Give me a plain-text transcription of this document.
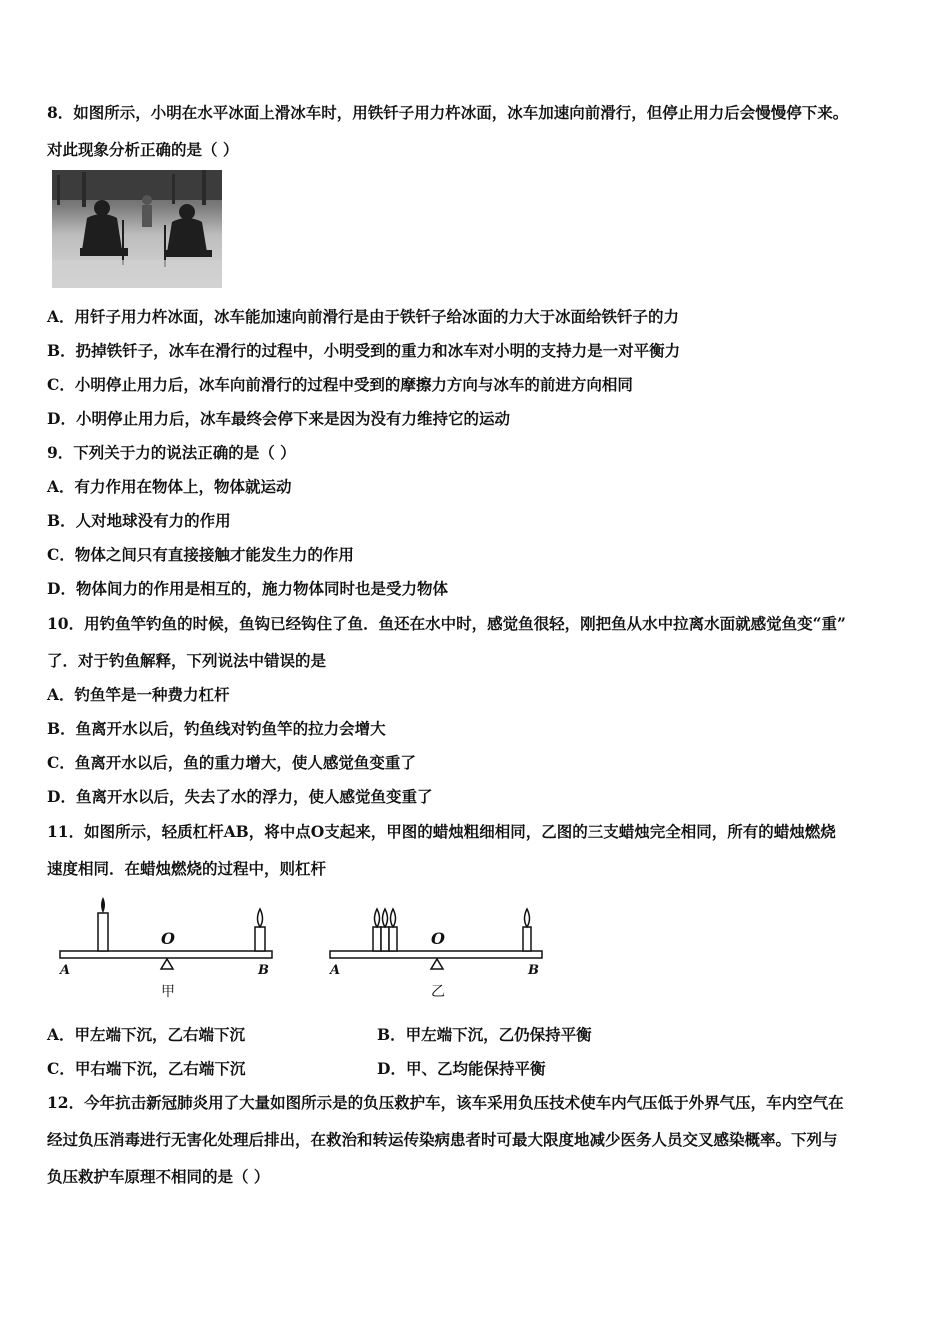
8．如图所示，小明在水平冰面上滑冰车时，用铁钎子用力杵冰面，冰车加速向前滑行，但停止用力后会慢慢停下来。
对此现象分析正确的是（ ）
A．用钎子用力杵冰面，冰车能加速向前滑行是由于铁钎子给冰面的力大于冰面给铁钎子的力
B．扔掉铁钎子，冰车在滑行的过程中，小明受到的重力和冰车对小明的支持力是一对平衡力
C．小明停止用力后，冰车向前滑行的过程中受到的摩擦力方向与冰车的前进方向相同
D．小明停止用力后，冰车最终会停下来是因为没有力维持它的运动
9．下列关于力的说法正确的是（ ）
A．有力作用在物体上，物体就运动
B．人对地球没有力的作用
C．物体之间只有直接接触才能发生力的作用
D．物体间力的作用是相互的，施力物体同时也是受力物体
10．用钓鱼竿钓鱼的时候，鱼钩已经钩住了鱼．鱼还在水中时，感觉鱼很轻，刚把鱼从水中拉离水面就感觉鱼变“重”
了．对于钓鱼解释，下列说法中错误的是
A．钓鱼竿是一种费力杠杆
B．鱼离开水以后，钓鱼线对钓鱼竿的拉力会增大
C．鱼离开水以后，鱼的重力增大，使人感觉鱼变重了
D．鱼离开水以后，失去了水的浮力，使人感觉鱼变重了
11．如图所示，轻质杠杆AB，将中点O支起来，甲图的蜡烛粗细相同，乙图的三支蜡烛完全相同，所有的蜡烛燃烧
速度相同．在蜡烛燃烧的过程中，则杠杆
A	B
O
甲
A	B
O
乙
A．甲左端下沉，乙右端下沉	B．甲左端下沉，乙仍保持平衡
C．甲右端下沉，乙右端下沉	D．甲、乙均能保持平衡
12．今年抗击新冠肺炎用了大量如图所示是的负压救护车，该车采用负压技术使车内气压低于外界气压，车内空气在
经过负压消毒进行无害化处理后排出，在救治和转运传染病患者时可最大限度地减少医务人员交叉感染概率。下列与
负压救护车原理不相同的是（ ）
